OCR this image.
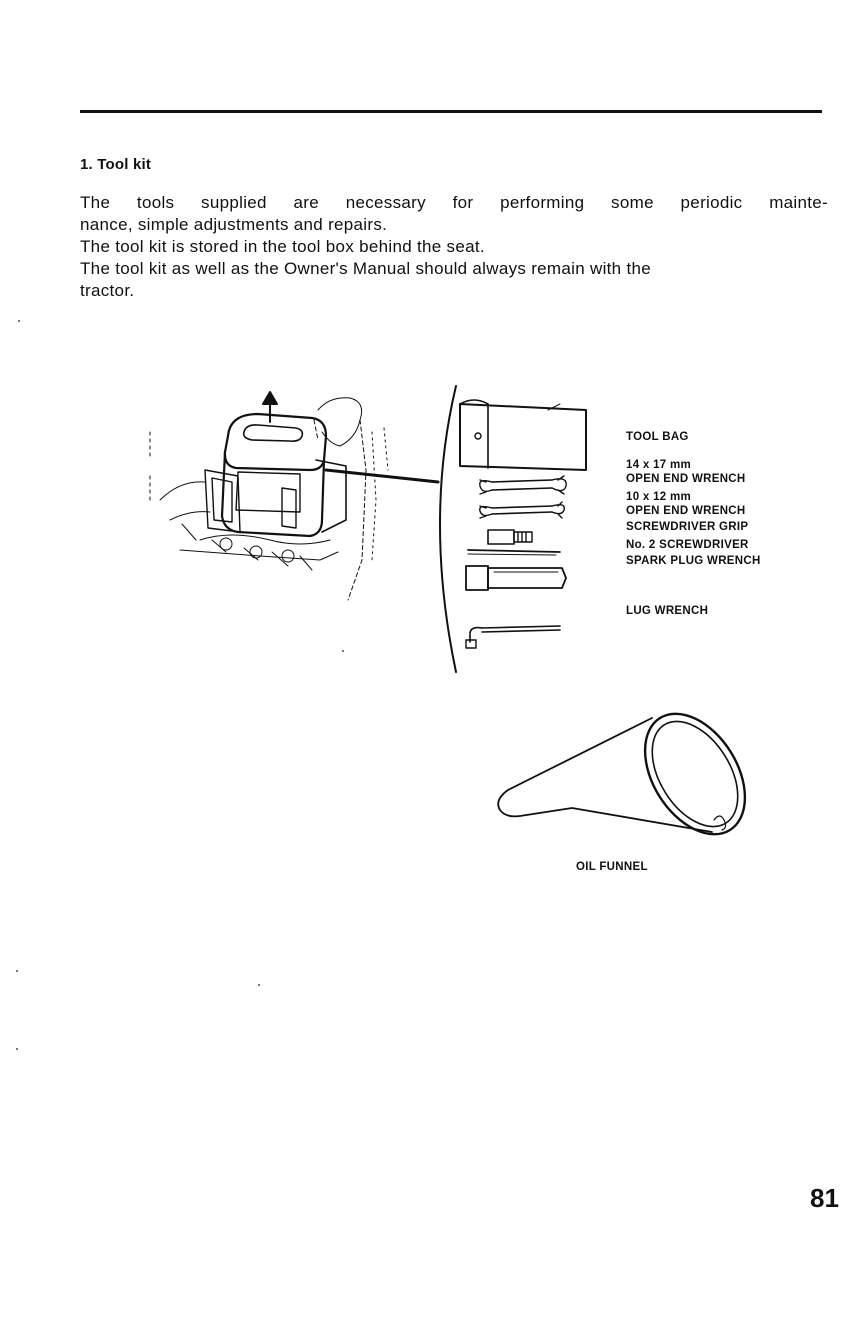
1. Tool kit

The tools supplied are necessary for performing some periodic mainte-

nance, simple adjustments and repairs.

The tool kit is stored in the tool box behind the seat.

The tool kit as well as the Owner's Manual should always remain with the

tractor.

TOOL BAG
14 x 17 mm
OPEN END WRENCH
10 x 12 mm
OPEN END WRENCH
SCREWDRIVER GRIP
No. 2 SCREWDRIVER
SPARK PLUG WRENCH
LUG WRENCH
OIL FUNNEL
81
